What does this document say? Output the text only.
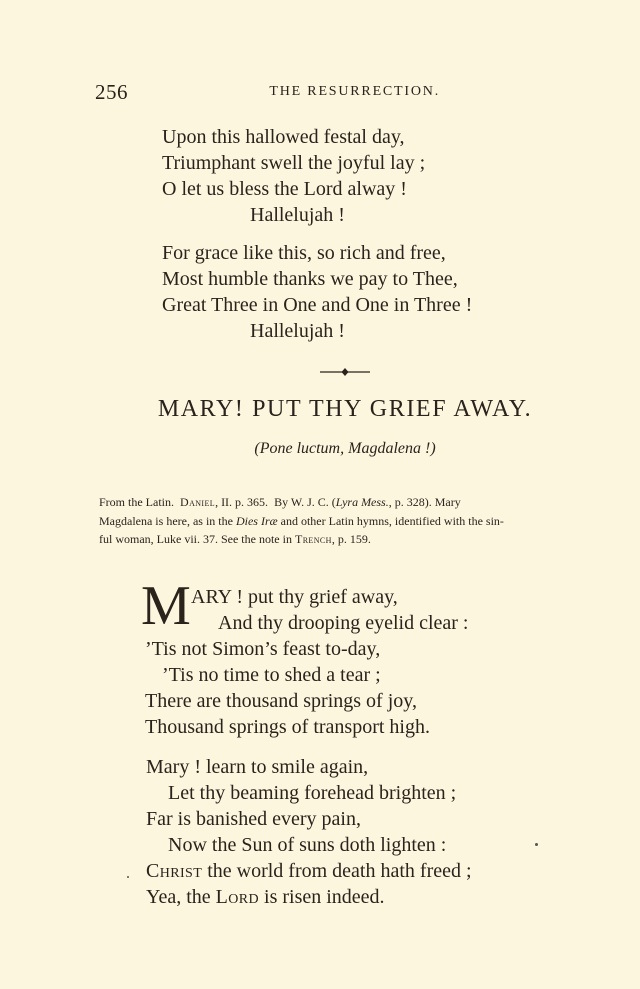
256	THE RESURRECTION.
Upon this hallowed festal day,
Triumphant swell the joyful lay ;
O let us bless the Lord alway !
Hallelujah !
For grace like this, so rich and free,
Most humble thanks we pay to Thee,
Great Three in One and One in Three !
Hallelujah !
MARY! PUT THY GRIEF AWAY.
(Pone luctum, Magdalena !)
From the Latin. Daniel, II. p. 365. By W. J. C. (Lyra Mess., p. 328). Mary
Magdalena is here, as in the Dies Iræ and other Latin hymns, identified with the sin-
ful woman, Luke vii. 37. See the note in Trench, p. 159.
M ARY ! put thy grief away,
And thy drooping eyelid clear :
’Tis not Simon’s feast to-day,
’Tis no time to shed a tear ;
There are thousand springs of joy,
Thousand springs of transport high.
Mary ! learn to smile again,
Let thy beaming forehead brighten ;
Far is banished every pain,
Now the Sun of suns doth lighten :
Christ the world from death hath freed ;
Yea, the Lord is risen indeed.
